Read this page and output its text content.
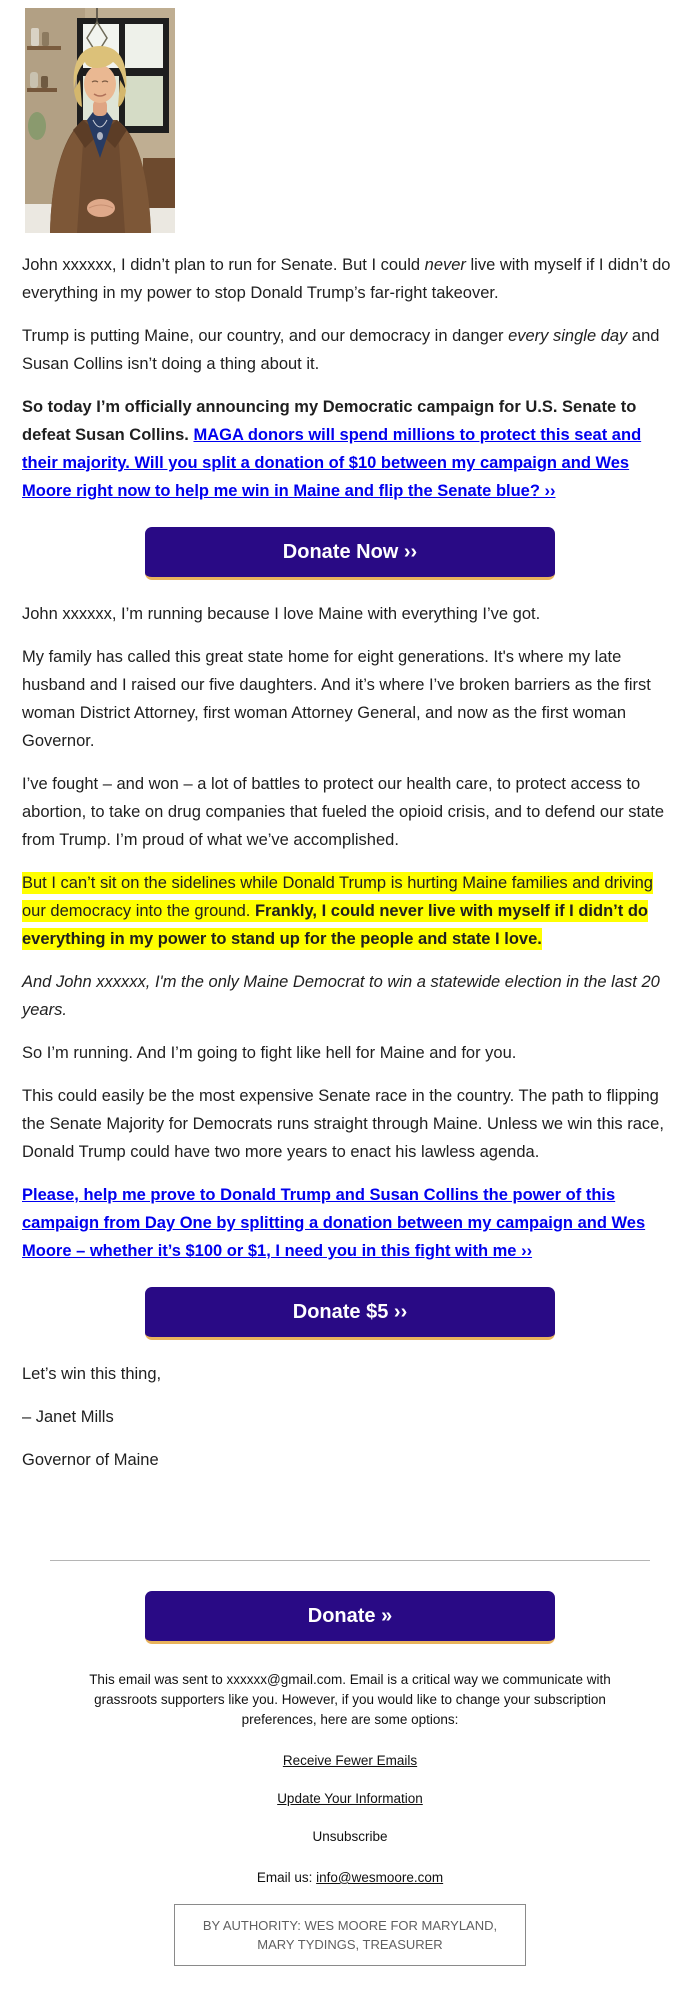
John xxxxxx, I didn’t plan to run for Senate. But I could never live with myself if I didn’t do everything in my power to stop Donald Trump’s far-right takeover.

Trump is putting Maine, our country, and our democracy in danger every single day and Susan Collins isn’t doing a thing about it.

So today I’m officially announcing my Democratic campaign for U.S. Senate to defeat Susan Collins. MAGA donors will spend millions to protect this seat and their majority. Will you split a donation of $10 between my campaign and Wes Moore right now to help me win in Maine and flip the Senate blue? ››

Donate Now ››

John xxxxxx, I’m running because I love Maine with everything I’ve got.

My family has called this great state home for eight generations. It's where my late husband and I raised our five daughters. And it’s where I’ve broken barriers as the first woman District Attorney, first woman Attorney General, and now as the first woman Governor.

I’ve fought – and won – a lot of battles to protect our health care, to protect access to abortion, to take on drug companies that fueled the opioid crisis, and to defend our state from Trump. I’m proud of what we’ve accomplished.

But I can’t sit on the sidelines while Donald Trump is hurting Maine families and driving our democracy into the ground. Frankly, I could never live with myself if I didn’t do everything in my power to stand up for the people and state I love.

And John xxxxxx, I'm the only Maine Democrat to win a statewide election in the last 20 years.

So I’m running. And I’m going to fight like hell for Maine and for you.

This could easily be the most expensive Senate race in the country. The path to flipping the Senate Majority for Democrats runs straight through Maine. Unless we win this race, Donald Trump could have two more years to enact his lawless agenda.

Please, help me prove to Donald Trump and Susan Collins the power of this campaign from Day One by splitting a donation between my campaign and Wes Moore – whether it’s $100 or $1, I need you in this fight with me ››

Donate $5 ››

Let’s win this thing,

– Janet Mills

Governor of Maine

Donate »
This email was sent to xxxxxx@gmail.com. Email is a critical way we communicate with grassroots supporters like you. However, if you would like to change your subscription preferences, here are some options:
Receive Fewer Emails
Update Your Information
Unsubscribe
Email us: info@wesmoore.com
BY AUTHORITY: WES MOORE FOR MARYLAND,
MARY TYDINGS, TREASURER
